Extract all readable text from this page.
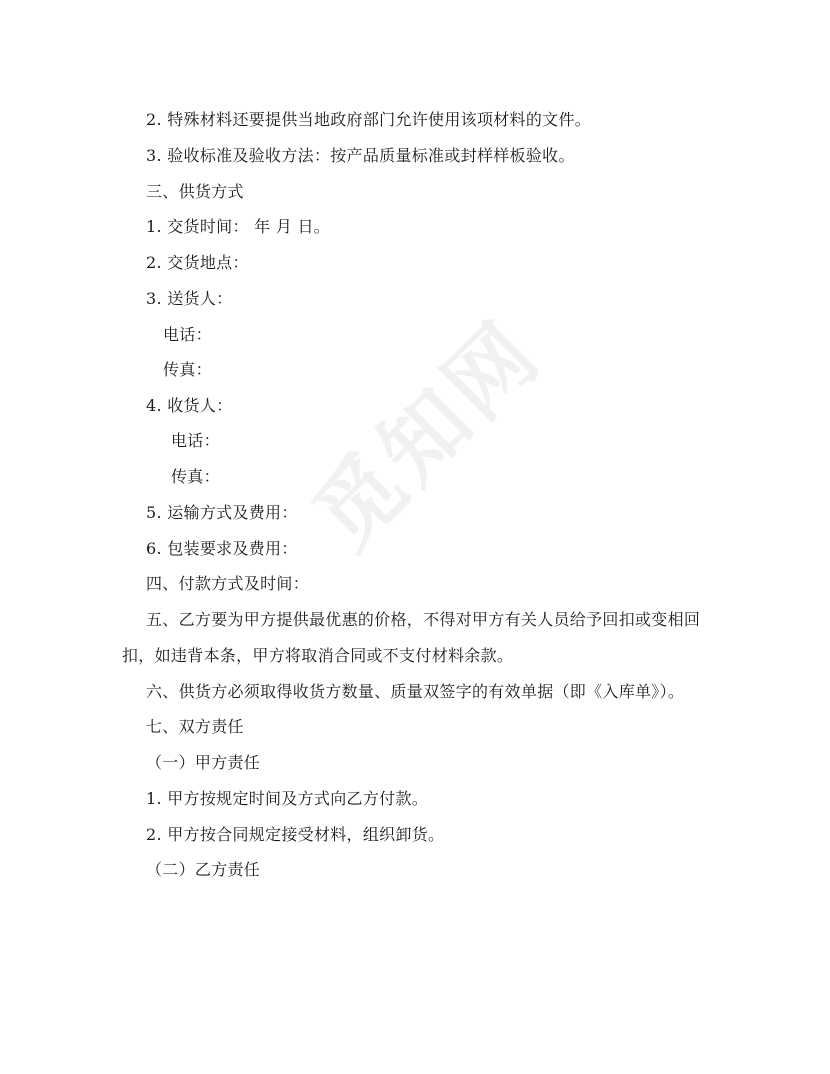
觅知网
2. 特殊材料还要提供当地政府部门允许使用该项材料的文件。
3. 验收标准及验收方法：按产品质量标准或封样样板验收。
三、供货方式
1. 交货时间： 年 月 日。
2. 交货地点：
3. 送货人：
电话：
传真：
4. 收货人：
电话：
传真：
5. 运输方式及费用：
6. 包装要求及费用：
四、付款方式及时间：
五、乙方要为甲方提供最优惠的价格，不得对甲方有关人员给予回扣或变相回
扣，如违背本条，甲方将取消合同或不支付材料余款。
六、供货方必须取得收货方数量、质量双签字的有效单据（即《入库单》）。
七、双方责任
（一）甲方责任
1. 甲方按规定时间及方式向乙方付款。
2. 甲方按合同规定接受材料，组织卸货。
（二）乙方责任
